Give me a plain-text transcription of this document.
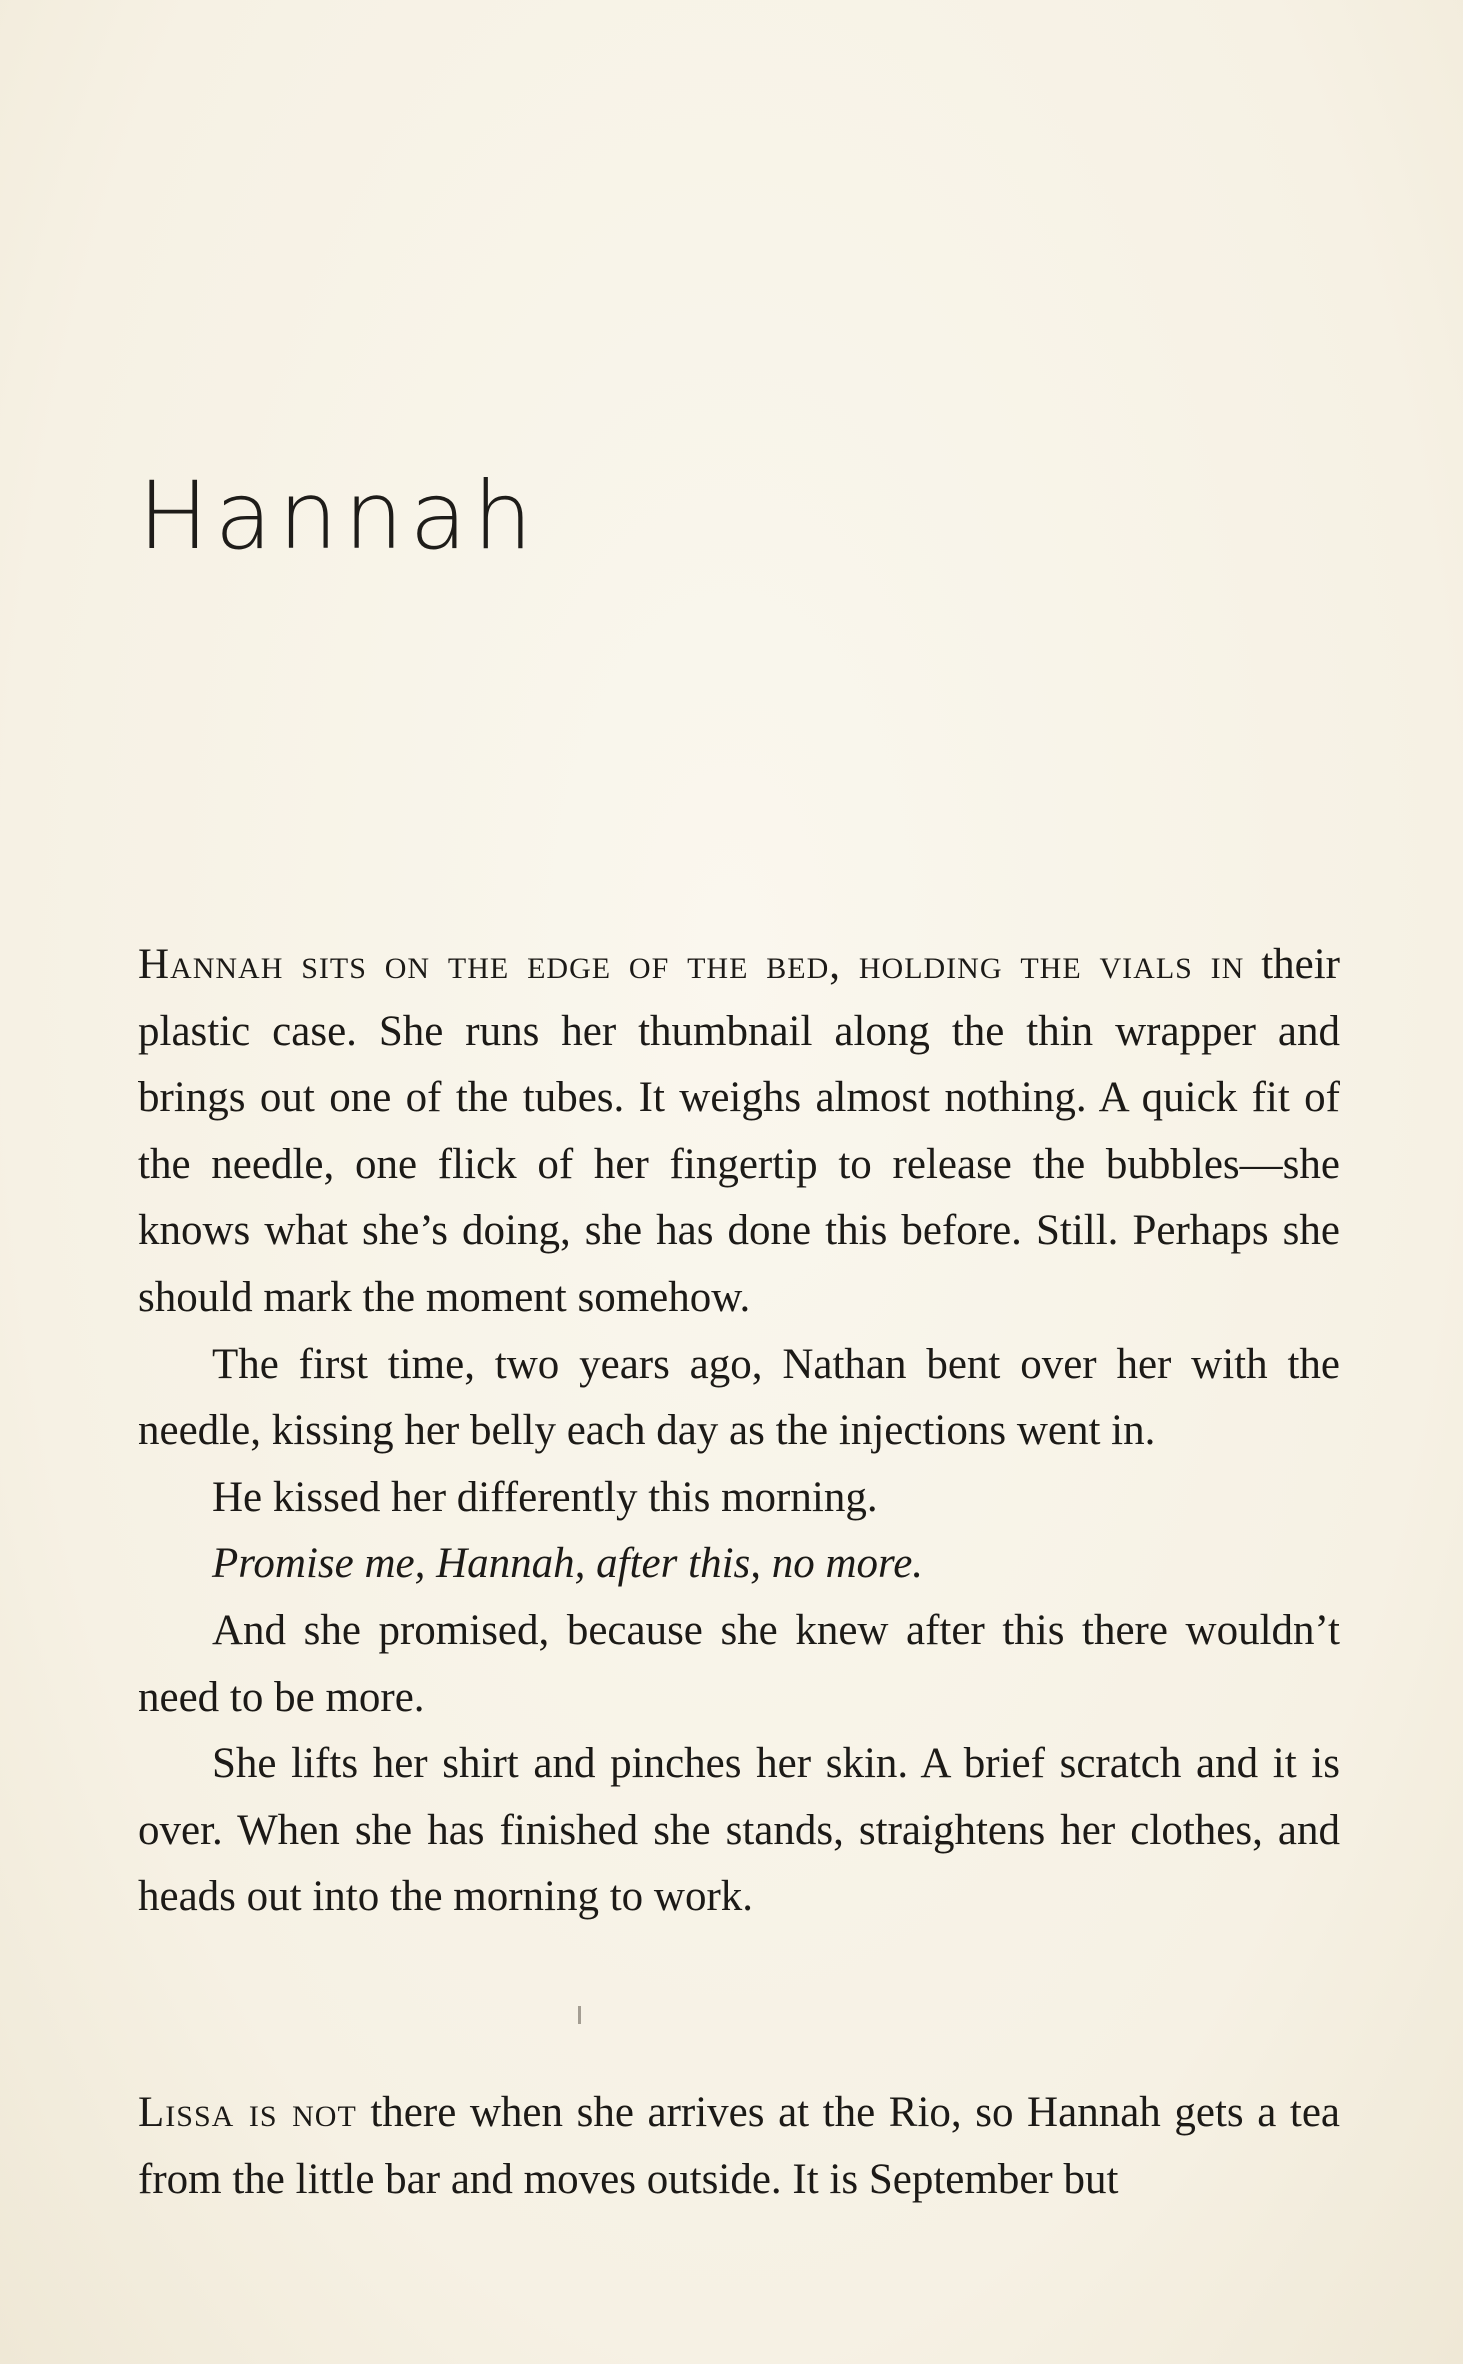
Hannah

Hannah sits on the edge of the bed, holding the vials in their plastic case. She runs her thumbnail along the thin wrapper and brings out one of the tubes. It weighs almost nothing. A quick fit of the needle, one flick of her fingertip to release the bubbles—she knows what she’s doing, she has done this before. Still. Perhaps she should mark the moment somehow.

The first time, two years ago, Nathan bent over her with the needle, kissing her belly each day as the injections went in.

He kissed her differently this morning.

Promise me, Hannah, after this, no more.

And she promised, because she knew after this there wouldn’t need to be more.

She lifts her shirt and pinches her skin. A brief scratch and it is over. When she has finished she stands, straightens her clothes, and heads out into the morning to work.

Lissa is not there when she arrives at the Rio, so Hannah gets a tea from the little bar and moves outside. It is September but
